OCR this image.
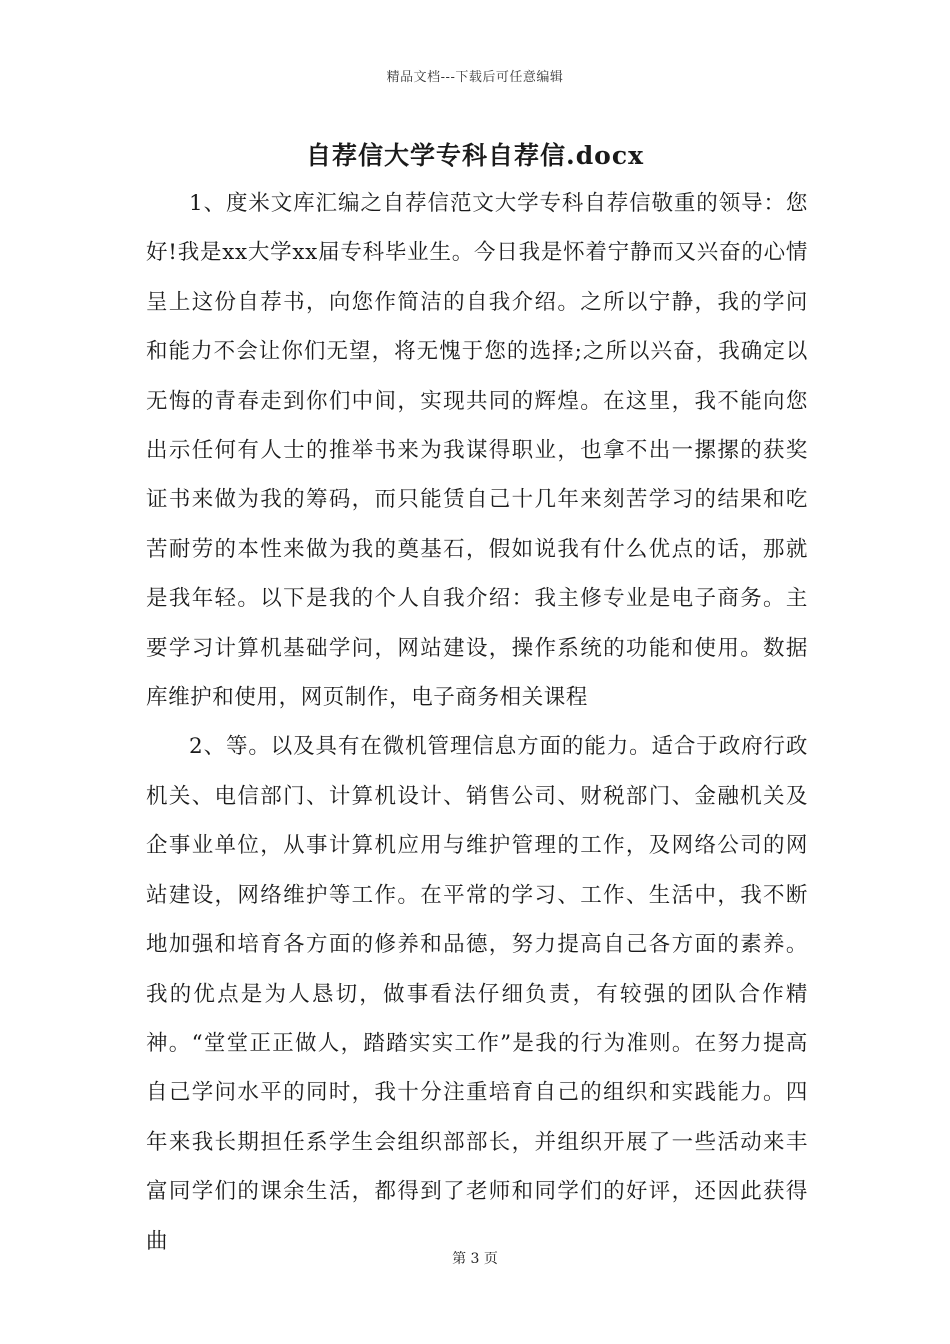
精品文档---下载后可任意编辑
自荐信大学专科自荐信.docx

1、度米文库汇编之自荐信范文大学专科自荐信敬重的领导：您好!我是xx大学xx届专科毕业生。今日我是怀着宁静而又兴奋的心情呈上这份自荐书，向您作简洁的自我介绍。之所以宁静，我的学问和能力不会让你们无望，将无愧于您的选择;之所以兴奋，我确定以无悔的青春走到你们中间，实现共同的辉煌。在这里，我不能向您出示任何有人士的推举书来为我谋得职业，也拿不出一摞摞的获奖证书来做为我的筹码，而只能赁自己十几年来刻苦学习的结果和吃苦耐劳的本性来做为我的奠基石，假如说我有什么优点的话，那就是我年轻。以下是我的个人自我介绍：我主修专业是电子商务。主要学习计算机基础学问，网站建设，操作系统的功能和使用。数据库维护和使用，网页制作，电子商务相关课程

2、等。以及具有在微机管理信息方面的能力。适合于政府行政机关、电信部门、计算机设计、销售公司、财税部门、金融机关及企事业单位，从事计算机应用与维护管理的工作，及网络公司的网站建设，网络维护等工作。在平常的学习、工作、生活中，我不断地加强和培育各方面的修养和品德，努力提高自己各方面的素养。我的优点是为人恳切，做事看法仔细负责，有较强的团队合作精神。“堂堂正正做人，踏踏实实工作”是我的行为准则。在努力提高自己学问水平的同时，我十分注重培育自己的组织和实践能力。四年来我长期担任系学生会组织部部长，并组织开展了一些活动来丰富同学们的课余生活，都得到了老师和同学们的好评，还因此获得曲

第 3 页
